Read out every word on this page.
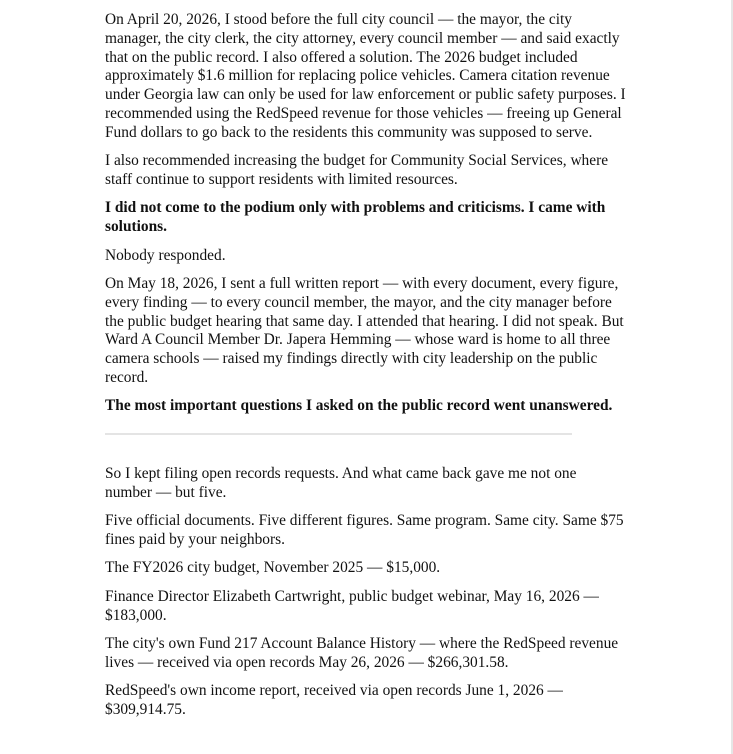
On April 20, 2026, I stood before the full city council — the mayor, the city manager, the city clerk, the city attorney, every council member — and said exactly that on the public record. I also offered a solution. The 2026 budget included approximately $1.6 million for replacing police vehicles. Camera citation revenue under Georgia law can only be used for law enforcement or public safety purposes. I recommended using the RedSpeed revenue for those vehicles — freeing up General Fund dollars to go back to the residents this community was supposed to serve.

I also recommended increasing the budget for Community Social Services, where staff continue to support residents with limited resources.

I did not come to the podium only with problems and criticisms. I came with solutions.

Nobody responded.

On May 18, 2026, I sent a full written report — with every document, every figure, every finding — to every council member, the mayor, and the city manager before the public budget hearing that same day. I attended that hearing. I did not speak. But Ward A Council Member Dr. Japera Hemming — whose ward is home to all three camera schools — raised my findings directly with city leadership on the public record.

The most important questions I asked on the public record went unanswered.

So I kept filing open records requests. And what came back gave me not one number — but five.

Five official documents. Five different figures. Same program. Same city. Same $75 fines paid by your neighbors.

The FY2026 city budget, November 2025 — $15,000.

Finance Director Elizabeth Cartwright, public budget webinar, May 16, 2026 — $183,000.

The city's own Fund 217 Account Balance History — where the RedSpeed revenue lives — received via open records May 26, 2026 — $266,301.58.

RedSpeed's own income report, received via open records June 1, 2026 — $309,914.75.
